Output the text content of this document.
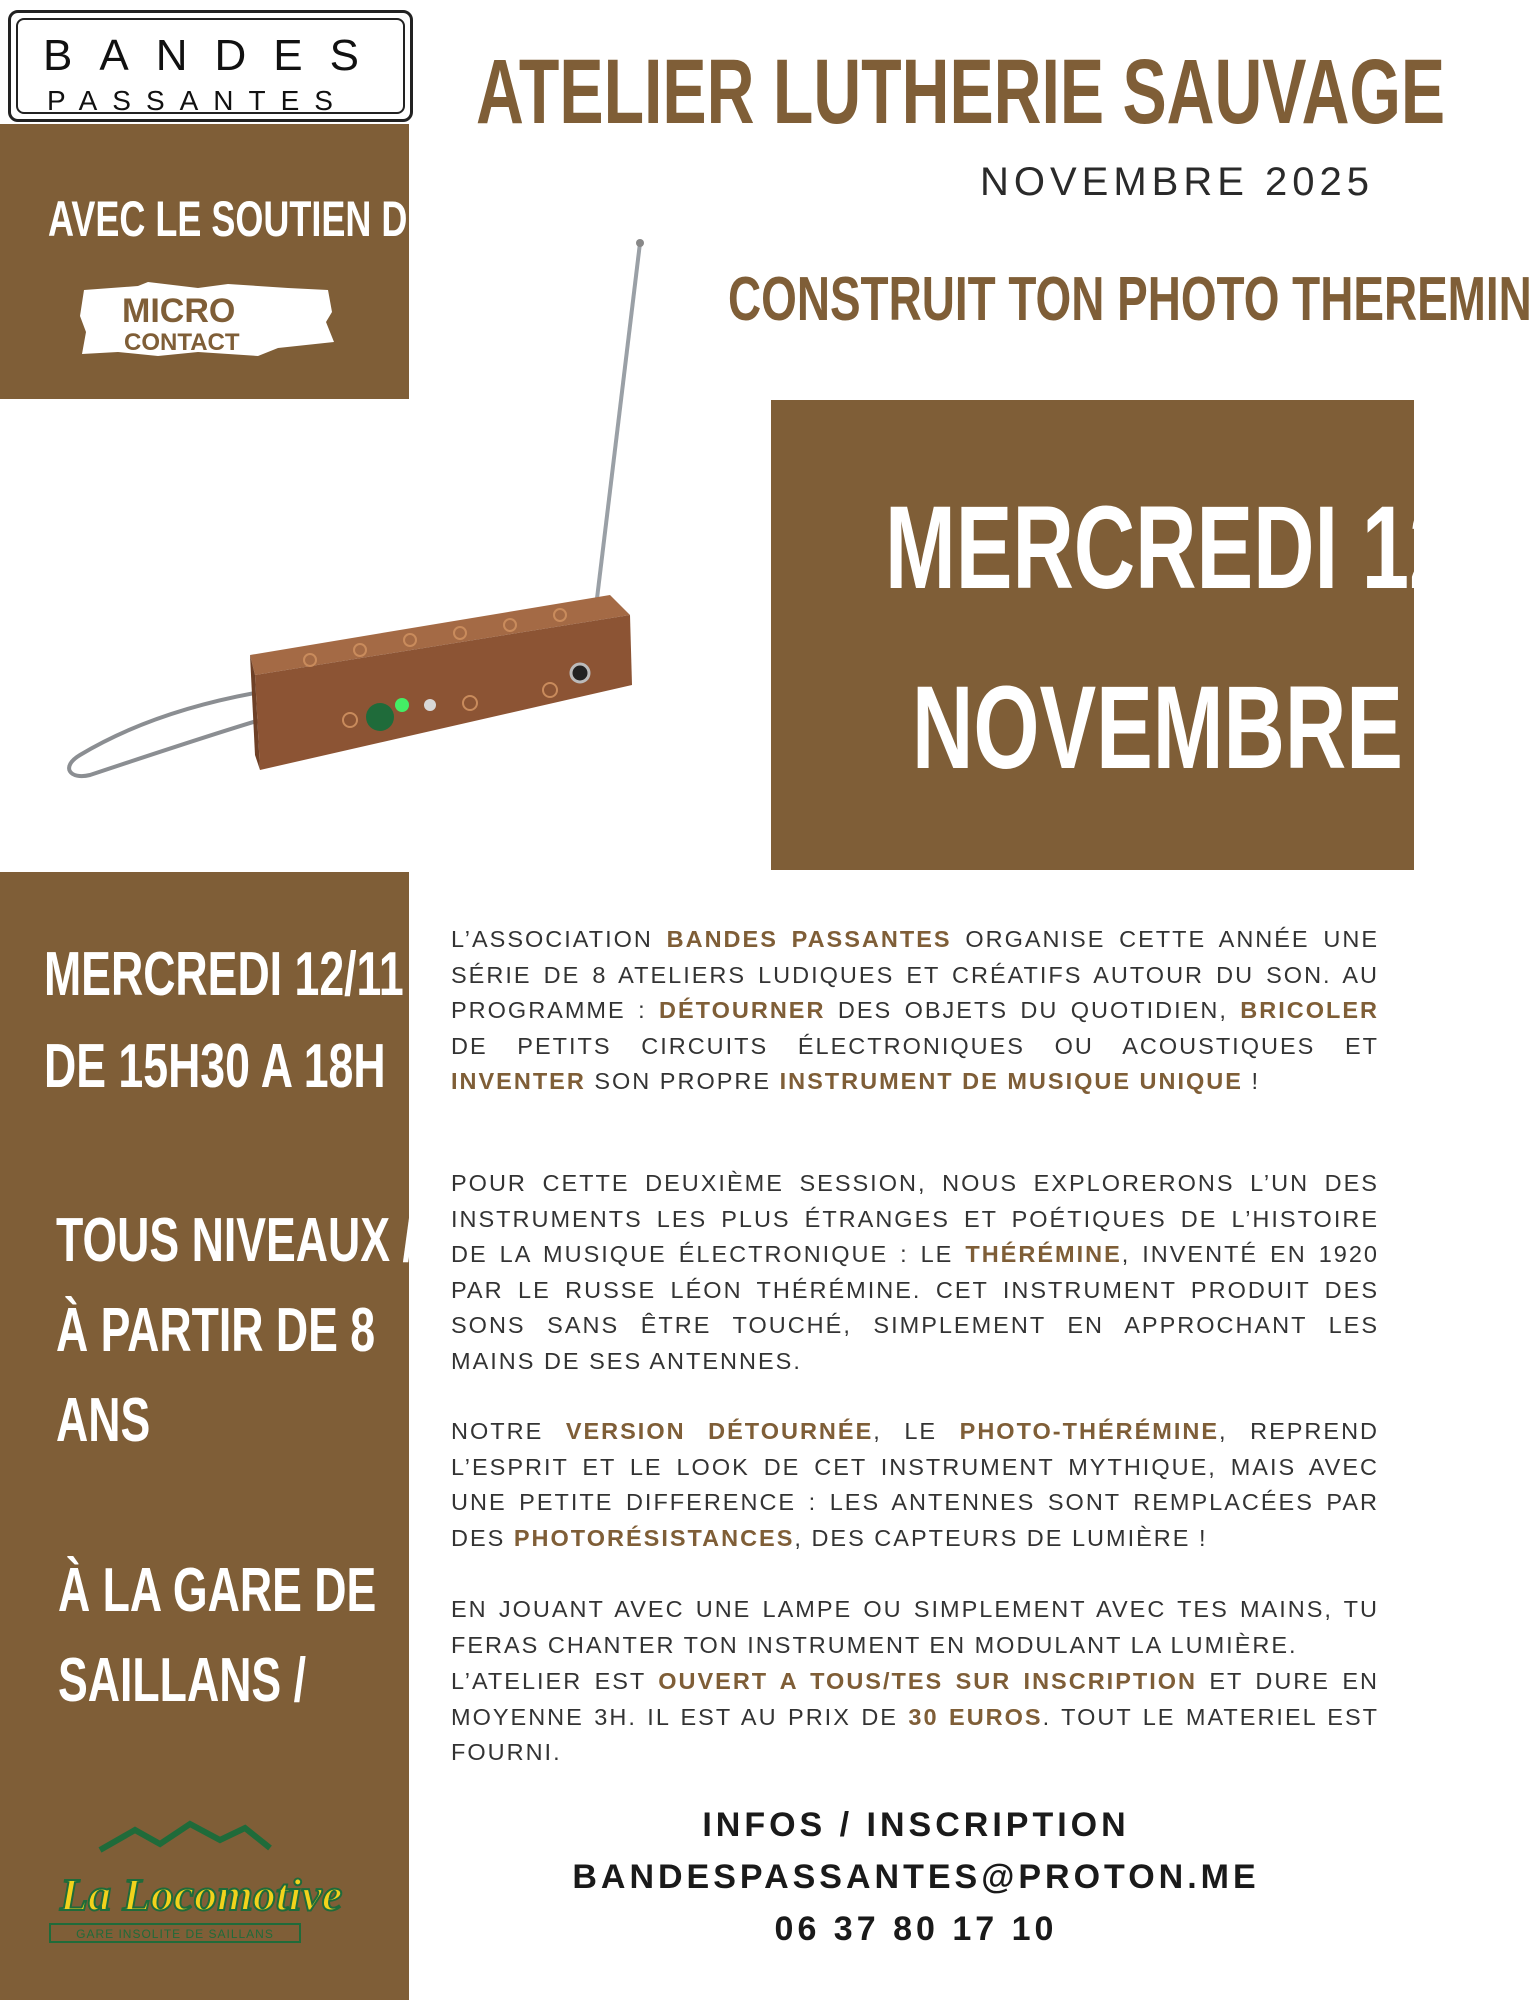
BANDES
PASSANTES ATELIER LUTHERIE SAUVAGE
NOVEMBRE 2025
CONSTRUIT TON PHOTO THEREMIN
AVEC LE SOUTIEN DE
MICRO
CONTACT
MERCREDI 12
NOVEMBRE !
MERCREDI 12/11
DE 15H30 A 18H
TOUS NIVEAUX /
À PARTIR DE 8
ANS
À LA GARE DE
SAILLANS /
La Locomotive
GARE INSOLITE DE SAILLANS
L’ASSOCIATION BANDES PASSANTES ORGANISE CETTE ANNÉE UNE SÉRIE DE 8 ATELIERS LUDIQUES ET CRÉATIFS AUTOUR DU SON. AU PROGRAMME : DÉTOURNER DES OBJETS DU QUOTIDIEN, BRICOLER DE PETITS CIRCUITS ÉLECTRONIQUES OU ACOUSTIQUES ET INVENTER SON PROPRE INSTRUMENT DE MUSIQUE UNIQUE !
POUR CETTE DEUXIÈME SESSION, NOUS EXPLORERONS L’UN DES INSTRUMENTS LES PLUS ÉTRANGES ET POÉTIQUES DE L’HISTOIRE DE LA MUSIQUE ÉLECTRONIQUE : LE THÉRÉMINE, INVENTÉ EN 1920 PAR LE RUSSE LÉON THÉRÉMINE. CET INSTRUMENT PRODUIT DES SONS SANS ÊTRE TOUCHÉ, SIMPLEMENT EN APPROCHANT LES MAINS DE SES ANTENNES.
NOTRE VERSION DÉTOURNÉE, LE PHOTO-THÉRÉMINE, REPREND L’ESPRIT ET LE LOOK DE CET INSTRUMENT MYTHIQUE, MAIS AVEC UNE PETITE DIFFERENCE : LES ANTENNES SONT REMPLACÉES PAR DES PHOTORÉSISTANCES, DES CAPTEURS DE LUMIÈRE !
EN JOUANT AVEC UNE LAMPE OU SIMPLEMENT AVEC TES MAINS, TU FERAS CHANTER TON INSTRUMENT EN MODULANT LA LUMIÈRE.
L’ATELIER EST OUVERT A TOUS/TES SUR INSCRIPTION ET DURE EN MOYENNE 3H. IL EST AU PRIX DE 30 EUROS. TOUT LE MATERIEL EST FOURNI.
INFOS / INSCRIPTION
BANDESPASSANTES@PROTON.ME
06 37 80 17 10
